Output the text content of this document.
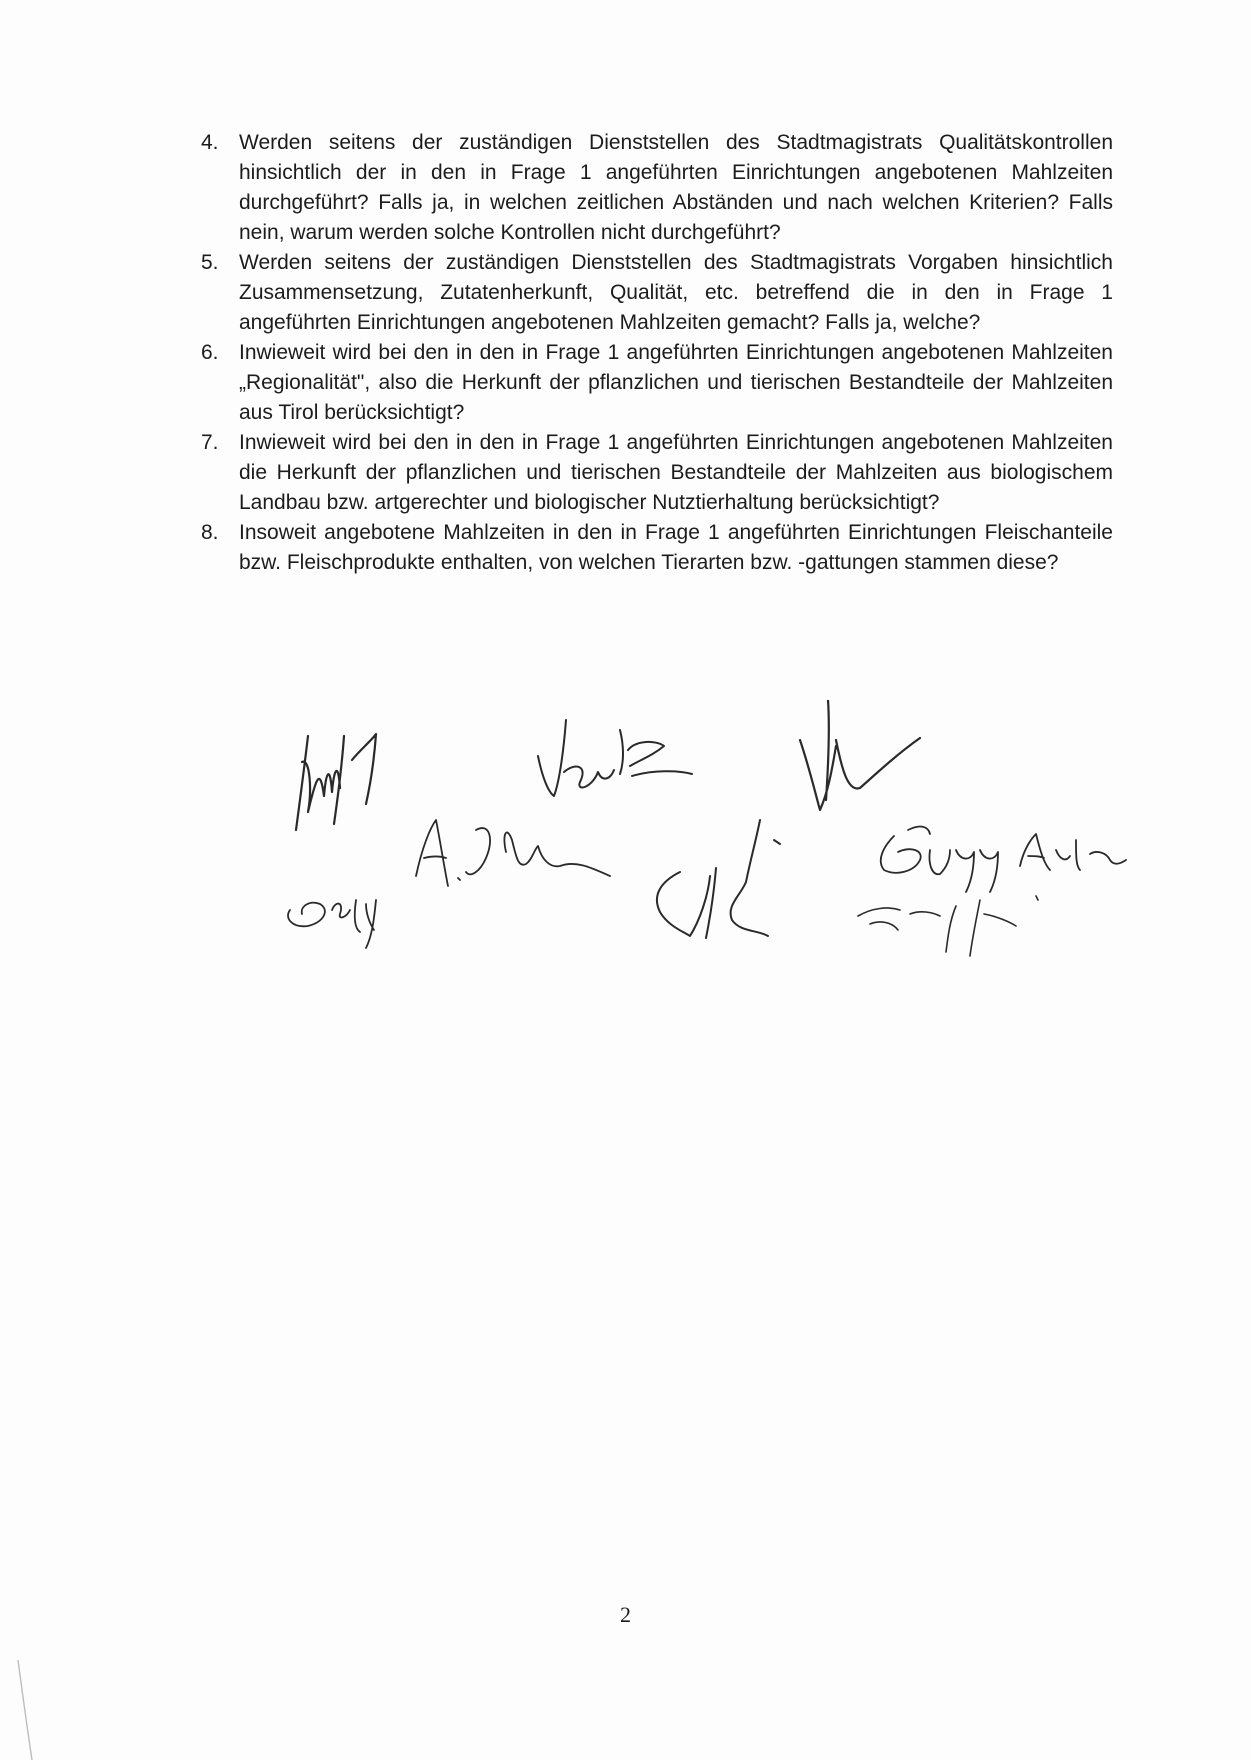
4. Werden seitens der zuständigen Dienststellen des Stadtmagistrats Qualitätskontrollen hinsichtlich der in den in Frage 1 angeführten Einrichtungen angebotenen Mahlzeiten durchgeführt? Falls ja, in welchen zeitlichen Abständen und nach welchen Kriterien? Falls nein, warum werden solche Kontrollen nicht durchgeführt?
5. Werden seitens der zuständigen Dienststellen des Stadtmagistrats Vorgaben hinsichtlich Zusammensetzung, Zutatenherkunft, Qualität, etc. betreffend die in den in Frage 1 angeführten Einrichtungen angebotenen Mahlzeiten gemacht? Falls ja, welche?
6. Inwieweit wird bei den in den in Frage 1 angeführten Einrichtungen angebotenen Mahlzeiten „Regionalität", also die Herkunft der pflanzlichen und tierischen Bestandteile der Mahlzeiten aus Tirol berücksichtigt?
7. Inwieweit wird bei den in den in Frage 1 angeführten Einrichtungen angebotenen Mahlzeiten die Herkunft der pflanzlichen und tierischen Bestandteile der Mahlzeiten aus biologischem Landbau bzw. artgerechter und biologischer Nutztierhaltung berücksichtigt?
8. Insoweit angebotene Mahlzeiten in den in Frage 1 angeführten Einrichtungen Fleischanteile bzw. Fleischprodukte enthalten, von welchen Tierarten bzw. -gattungen stammen diese?
2
